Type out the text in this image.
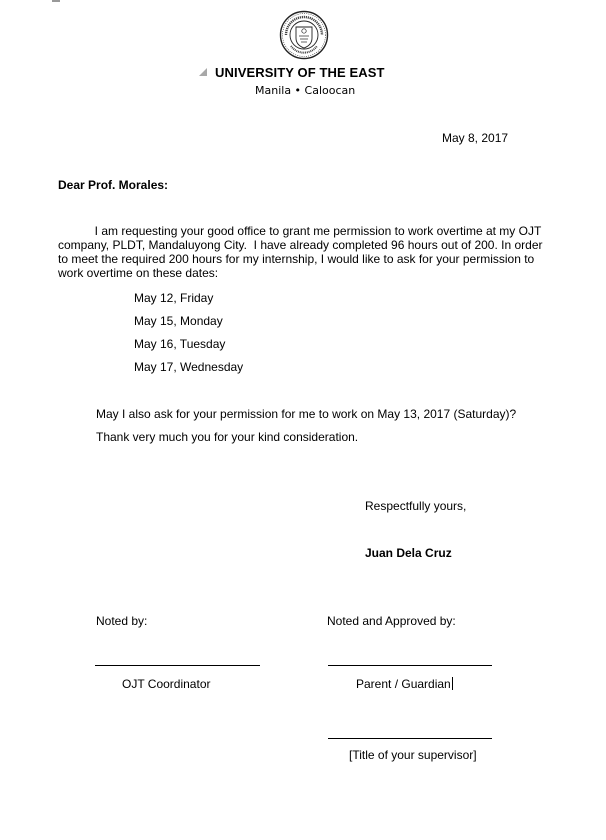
UNIVERSITY OF THE EAST
Manila • Caloocan
May 8, 2017
Dear Prof. Morales:
I am requesting your good office to grant me permission to work overtime at my OJT
company, PLDT, Mandaluyong City.  I have already completed 96 hours out of 200. In order
to meet the required 200 hours for my internship, I would like to ask for your permission to
work overtime on these dates:
May 12, Friday
May 15, Monday
May 16, Tuesday
May 17, Wednesday
May I also ask for your permission for me to work on May 13, 2017 (Saturday)?
Thank very much you for your kind consideration.
Respectfully yours,
Juan Dela Cruz
Noted by:	Noted and Approved by:
OJT Coordinator	Parent / Guardian
[Title of your supervisor]
